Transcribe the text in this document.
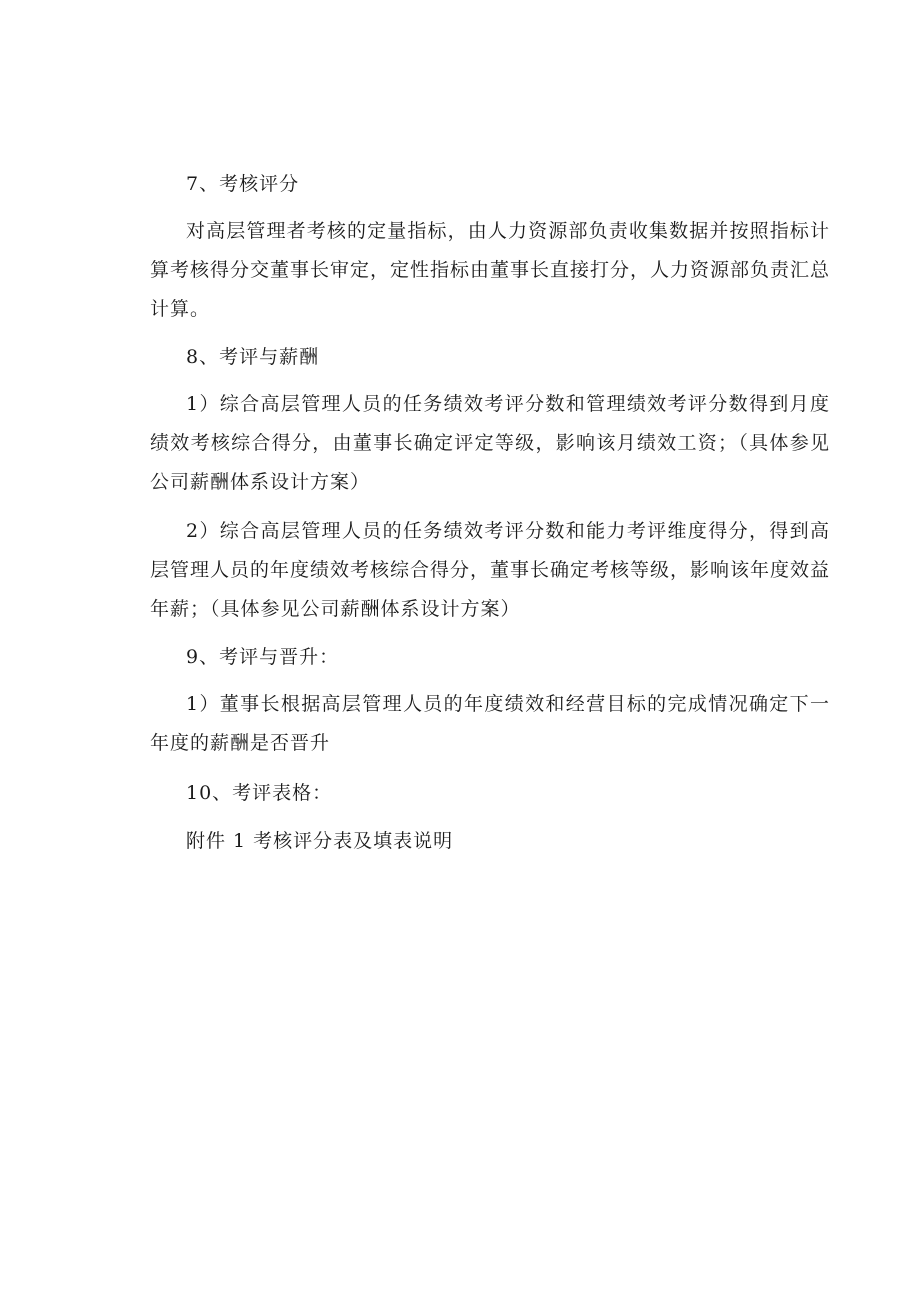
7、考核评分

对高层管理者考核的定量指标，由人力资源部负责收集数据并按照指标计算考核得分交董事长审定，定性指标由董事长直接打分，人力资源部负责汇总计算。

8、考评与薪酬

1）综合高层管理人员的任务绩效考评分数和管理绩效考评分数得到月度绩效考核综合得分，由董事长确定评定等级，影响该月绩效工资；（具体参见公司薪酬体系设计方案）

2）综合高层管理人员的任务绩效考评分数和能力考评维度得分，得到高层管理人员的年度绩效考核综合得分，董事长确定考核等级，影响该年度效益年薪；（具体参见公司薪酬体系设计方案）

9、考评与晋升：

1）董事长根据高层管理人员的年度绩效和经营目标的完成情况确定下一年度的薪酬是否晋升

10、考评表格：

附件 1 考核评分表及填表说明
